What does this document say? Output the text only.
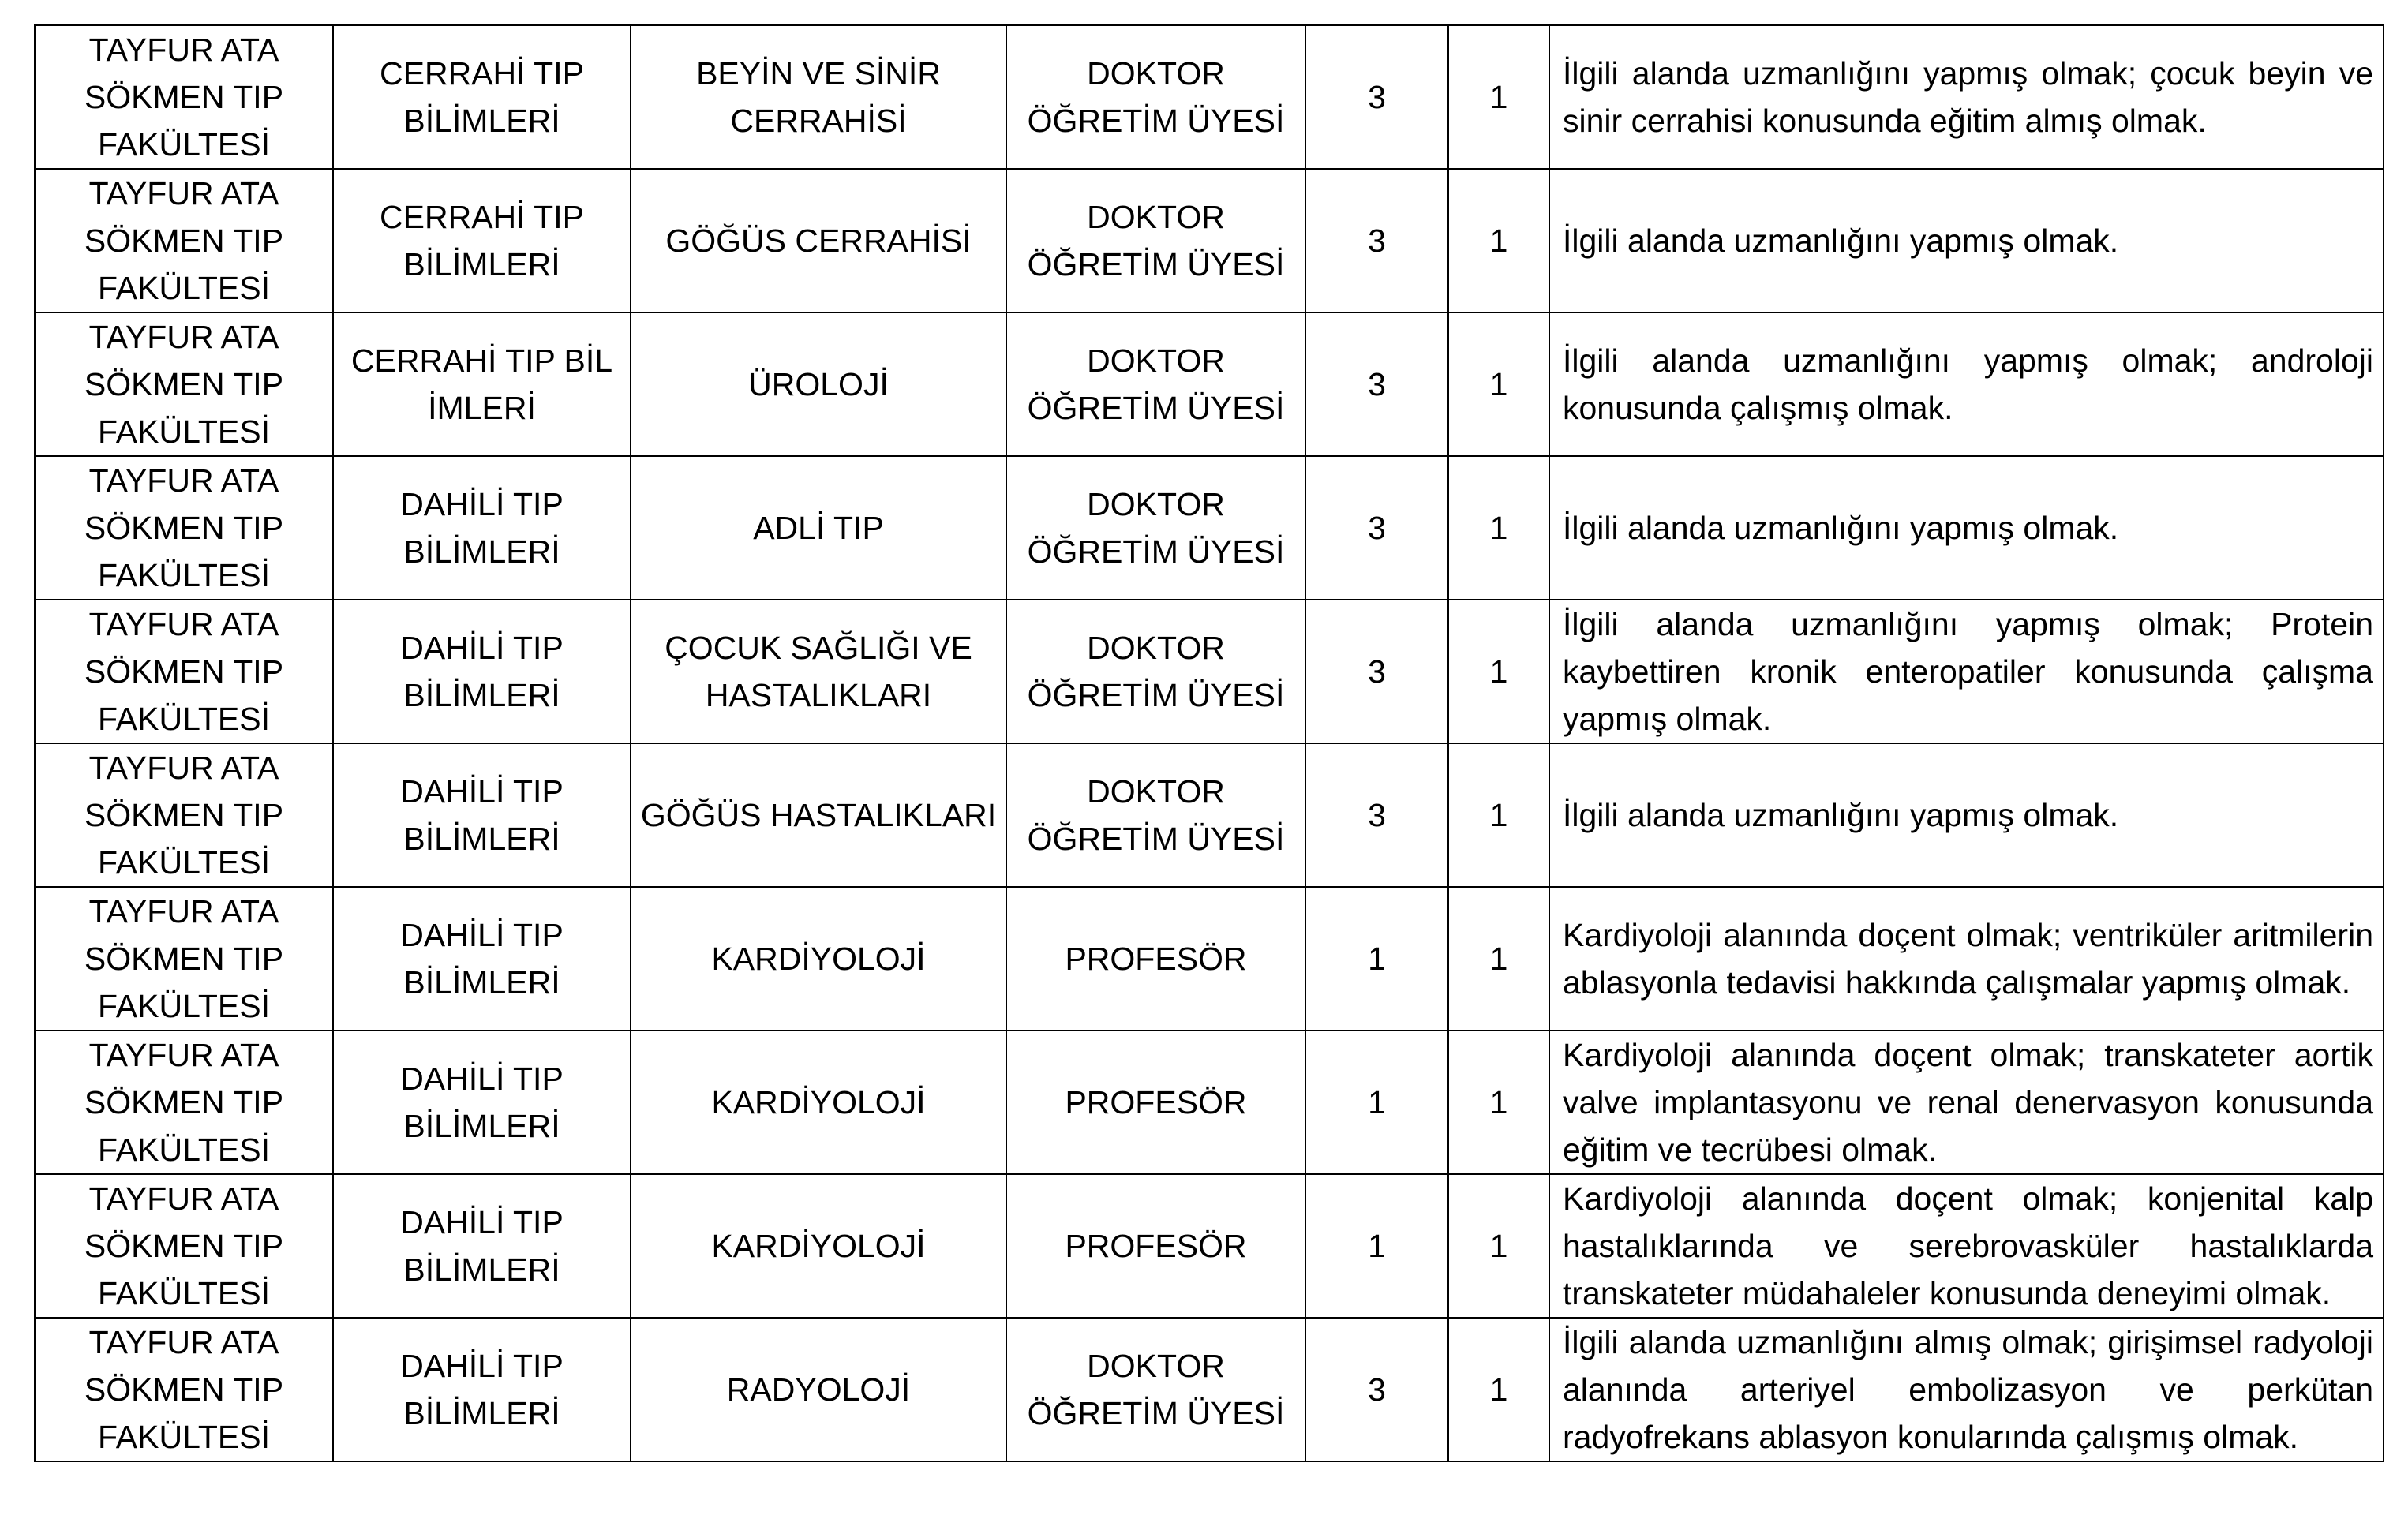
TAYFUR ATA SÖKMEN TIP FAKÜLTESİ	CERRAHİ TIP BİLİMLERİ	BEYİN VE SİNİR CERRAHİSİ	DOKTOR ÖĞRETİM ÜYESİ	3	1	İlgili alanda uzmanlığını yapmış olmak; çocuk beyin ve sinir cerrahisi konusunda eğitim almış olmak.
TAYFUR ATA SÖKMEN TIP FAKÜLTESİ	CERRAHİ TIP BİLİMLERİ	GÖĞÜS CERRAHİSİ	DOKTOR ÖĞRETİM ÜYESİ	3	1	İlgili alanda uzmanlığını yapmış olmak.
TAYFUR ATA SÖKMEN TIP FAKÜLTESİ	CERRAHİ TIP BİL İMLERİ	ÜROLOJİ	DOKTOR ÖĞRETİM ÜYESİ	3	1	İlgili alanda uzmanlığını yapmış olmak; androloji konusunda çalışmış olmak.
TAYFUR ATA SÖKMEN TIP FAKÜLTESİ	DAHİLİ TIP BİLİMLERİ	ADLİ TIP	DOKTOR ÖĞRETİM ÜYESİ	3	1	İlgili alanda uzmanlığını yapmış olmak.
TAYFUR ATA SÖKMEN TIP FAKÜLTESİ	DAHİLİ TIP BİLİMLERİ	ÇOCUK SAĞLIĞI VE HASTALIKLARI	DOKTOR ÖĞRETİM ÜYESİ	3	1	İlgili alanda uzmanlığını yapmış olmak; Protein kaybettiren kronik enteropatiler konusunda çalışma yapmış olmak.
TAYFUR ATA SÖKMEN TIP FAKÜLTESİ	DAHİLİ TIP BİLİMLERİ	GÖĞÜS HASTALIKLARI	DOKTOR ÖĞRETİM ÜYESİ	3	1	İlgili alanda uzmanlığını yapmış olmak.
TAYFUR ATA SÖKMEN TIP FAKÜLTESİ	DAHİLİ TIP BİLİMLERİ	KARDİYOLOJİ	PROFESÖR	1	1	Kardiyoloji alanında doçent olmak; ventriküler aritmilerin ablasyonla tedavisi hakkında çalışmalar yapmış olmak.
TAYFUR ATA SÖKMEN TIP FAKÜLTESİ	DAHİLİ TIP BİLİMLERİ	KARDİYOLOJİ	PROFESÖR	1	1	Kardiyoloji alanında doçent olmak; transkateter aortik valve implantasyonu ve renal denervasyon konusunda eğitim ve tecrübesi olmak.
TAYFUR ATA SÖKMEN TIP FAKÜLTESİ	DAHİLİ TIP BİLİMLERİ	KARDİYOLOJİ	PROFESÖR	1	1	Kardiyoloji alanında doçent olmak; konjenital kalp hastalıklarında ve serebrovasküler hastalıklarda transkateter müdahaleler konusunda deneyimi olmak.
TAYFUR ATA SÖKMEN TIP FAKÜLTESİ	DAHİLİ TIP BİLİMLERİ	RADYOLOJİ	DOKTOR ÖĞRETİM ÜYESİ	3	1	İlgili alanda uzmanlığını almış olmak; girişimsel radyoloji alanında arteriyel embolizasyon ve perkütan radyofrekans ablasyon konularında çalışmış olmak.
